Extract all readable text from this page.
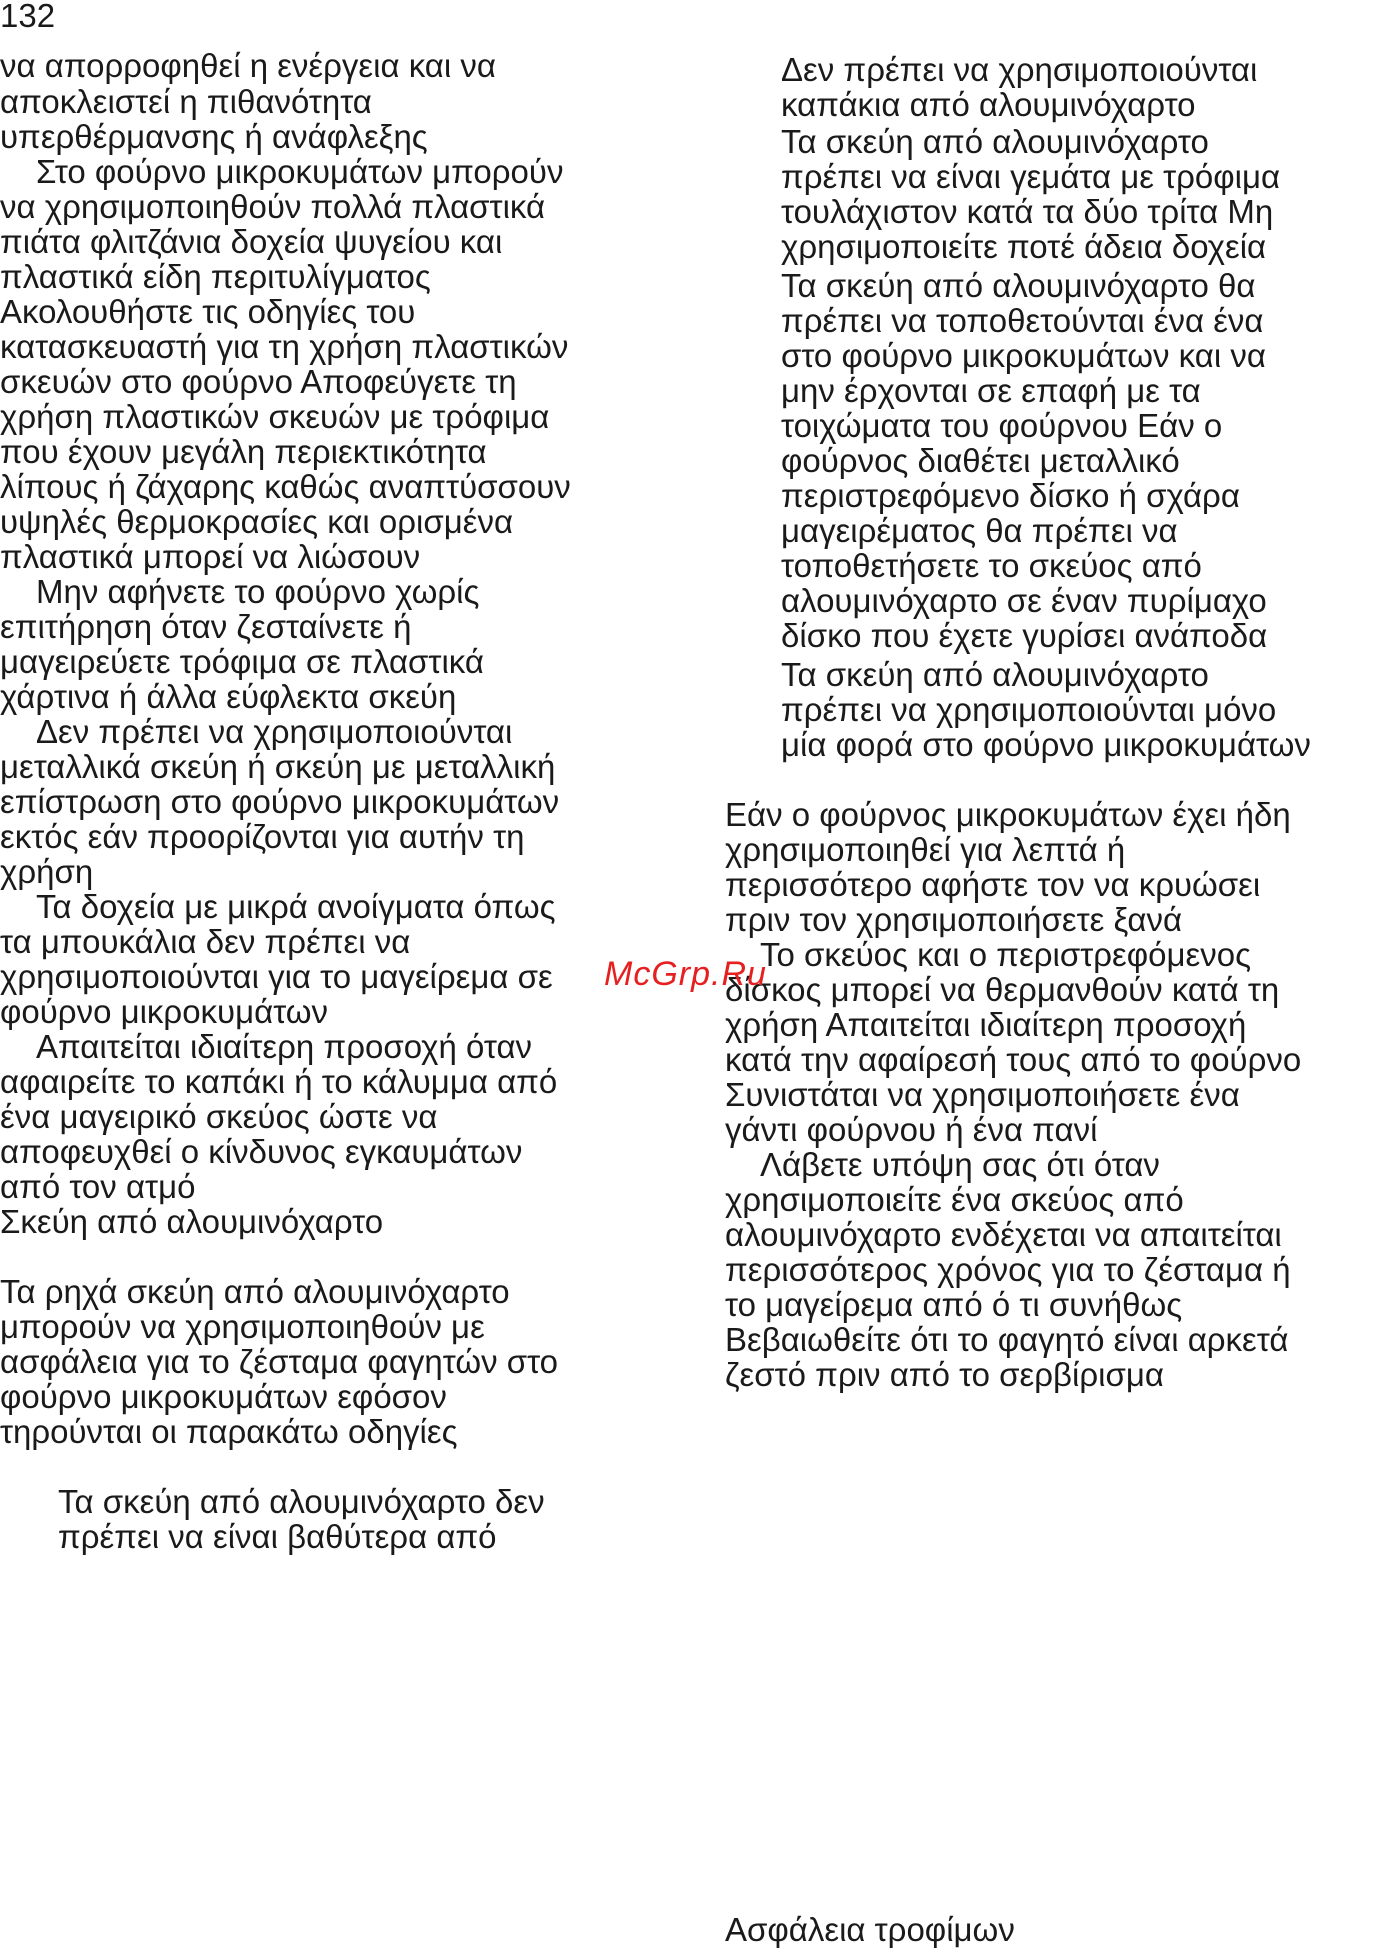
132
να απορροφηθεί η ενέργεια και να
αποκλειστεί η πιθανότητα
υπερθέρμανσης ή ανάφλεξης
Στο φούρνο μικροκυμάτων μπορούν
να χρησιμοποιηθούν πολλά πλαστικά
πιάτα φλιτζάνια δοχεία ψυγείου και
πλαστικά είδη περιτυλίγματος
Ακολουθήστε τις οδηγίες του
κατασκευαστή για τη χρήση πλαστικών
σκευών στο φούρνο Αποφεύγετε τη
χρήση πλαστικών σκευών με τρόφιμα
που έχουν μεγάλη περιεκτικότητα
λίπους ή ζάχαρης καθώς αναπτύσσουν
υψηλές θερμοκρασίες και ορισμένα
πλαστικά μπορεί να λιώσουν
Μην αφήνετε το φούρνο χωρίς
επιτήρηση όταν ζεσταίνετε ή
μαγειρεύετε τρόφιμα σε πλαστικά
χάρτινα ή άλλα εύφλεκτα σκεύη
Δεν πρέπει να χρησιμοποιούνται
μεταλλικά σκεύη ή σκεύη με μεταλλική
επίστρωση στο φούρνο μικροκυμάτων
εκτός εάν προορίζονται για αυτήν τη
χρήση
Τα δοχεία με μικρά ανοίγματα όπως
τα μπουκάλια δεν πρέπει να
χρησιμοποιούνται για το μαγείρεμα σε
φούρνο μικροκυμάτων
Απαιτείται ιδιαίτερη προσοχή όταν
αφαιρείτε το καπάκι ή το κάλυμμα από
ένα μαγειρικό σκεύος ώστε να
αποφευχθεί ο κίνδυνος εγκαυμάτων
από τον ατμό
Σκεύη από αλουμινόχαρτο
Τα ρηχά σκεύη από αλουμινόχαρτο
μπορούν να χρησιμοποιηθούν με
ασφάλεια για το ζέσταμα φαγητών στο
φούρνο μικροκυμάτων εφόσον
τηρούνται οι παρακάτω οδηγίες
Τα σκεύη από αλουμινόχαρτο δεν
πρέπει να είναι βαθύτερα από
Δεν πρέπει να χρησιμοποιούνται
καπάκια από αλουμινόχαρτο
Τα σκεύη από αλουμινόχαρτο
πρέπει να είναι γεμάτα με τρόφιμα
τουλάχιστον κατά τα δύο τρίτα Μη
χρησιμοποιείτε ποτέ άδεια δοχεία
Τα σκεύη από αλουμινόχαρτο θα
πρέπει να τοποθετούνται ένα ένα
στο φούρνο μικροκυμάτων και να
μην έρχονται σε επαφή με τα
τοιχώματα του φούρνου Εάν ο
φούρνος διαθέτει μεταλλικό
περιστρεφόμενο δίσκο ή σχάρα
μαγειρέματος θα πρέπει να
τοποθετήσετε το σκεύος από
αλουμινόχαρτο σε έναν πυρίμαχο
δίσκο που έχετε γυρίσει ανάποδα
Τα σκεύη από αλουμινόχαρτο
πρέπει να χρησιμοποιούνται μόνο
μία φορά στο φούρνο μικροκυμάτων
Εάν ο φούρνος μικροκυμάτων έχει ήδη
χρησιμοποιηθεί για λεπτά ή
περισσότερο αφήστε τον να κρυώσει
πριν τον χρησιμοποιήσετε ξανά
Το σκεύος και ο περιστρεφόμενος
δίσκος μπορεί να θερμανθούν κατά τη
χρήση Απαιτείται ιδιαίτερη προσοχή
κατά την αφαίρεσή τους από το φούρνο
Συνιστάται να χρησιμοποιήσετε ένα
γάντι φούρνου ή ένα πανί
Λάβετε υπόψη σας ότι όταν
χρησιμοποιείτε ένα σκεύος από
αλουμινόχαρτο ενδέχεται να απαιτείται
περισσότερος χρόνος για το ζέσταμα ή
το μαγείρεμα από ό τι συνήθως
Βεβαιωθείτε ότι το φαγητό είναι αρκετά
ζεστό πριν από το σερβίρισμα
Ασφάλεια τροφίμων
McGrp.Ru
